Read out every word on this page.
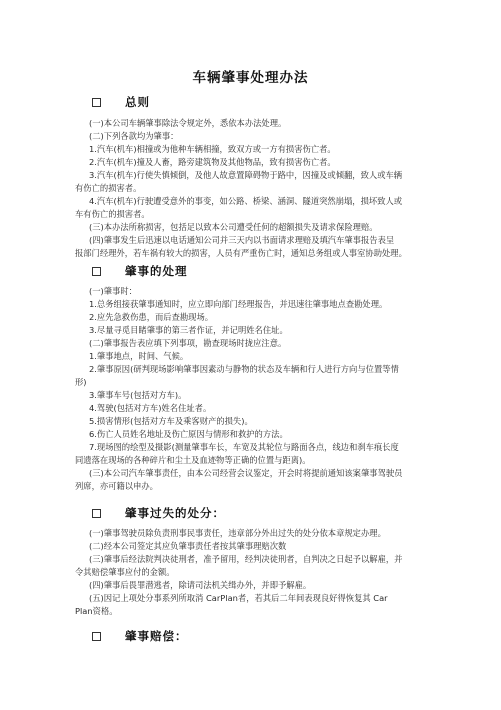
车辆肇事处理办法
总则
(一)本公司车辆肇事除法令规定外，悉依本办法处理。
(二)下列各款均为肇事：
1.汽车(机车)相撞或为他种车辆相撞，致双方或一方有损害伤亡者。
2.汽车(机车)撞及人畜，路旁建筑物及其他物品，致有损害伤亡者。
3.汽车(机车)行使失慎倾倒，及他人故意置障碍物于路中，因撞及或倾翻，致人或车辆
有伤亡的损害者。
4.汽车(机车)行驶遭受意外的事变，如公路、桥梁、涵洞、隧道突然崩塌，损坏致人或
车有伤亡的损害者。
(三)本办法所称损害，包括足以致本公司遭受任何的超额损失及请求保险理赔。
(四)肇事发生后迅速以电话通知公司并三天内以书面请求理赔及填汽车肇事报告表呈
报部门经理外，若车祸有较大的损害，人员有严重伤亡时，通知总务组或人事室协助处理。
肇事的处理
(一)肇事时：
1.总务组接获肇事通知时，应立即向部门经理报告，并迅速往肇事地点查勘处理。
2.应先急救伤患，而后查勘现场。
3.尽量寻觅目睹肇事的第三者作证，并记明姓名住址。
(二)肇事报告表应填下列事项，勘查现场时拢应注意。
1.肇事地点，时间、气候。
2.肇事原因(研判现场影响肇事因素动与静物的状态及车辆和行人进行方向与位置等情
形)
3.肇事车号(包括对方车)。
4.驾驶(包括对方车)姓名住址者。
5.损害情形(包括对方车及乘客财产的损失)。
6.伤亡人员姓名地址及伤亡原因与情形和救护的方法。
7.现场图的绘型及摄影(测量肇事车长，车宽及其轮位与路面各点，线边和刹车痕长度
同遗落在现场的各种碎片和尘土及血迹物等正确的位置与距离)。
(三)本公司汽车肇事责任，由本公司经营会议鉴定，开会时将提前通知该案肇事驾驶员
列席，亦可籍以申办。
肇事过失的处分：
(一)肇事驾驶员除负责刑事民事责任，违章部分外出过失的处分依本章规定办理。
(二)经本公司签定其应负肇事责任者按其肇事理赔次数
(三)肇事后经法院判决徒刑者，准予留用，经判决徒刑者，自判决之日起予以解雇，并
令其赔偿肇事应付的金额。
(四)肇事后畏罪潜逃者，除请司法机关缉办外，并即予解雇。
(五)因记上项处分事系列所取消 CarPlan者，若其后二年间表现良好得恢复其 Car
Plan资格。
肇事赔偿：
